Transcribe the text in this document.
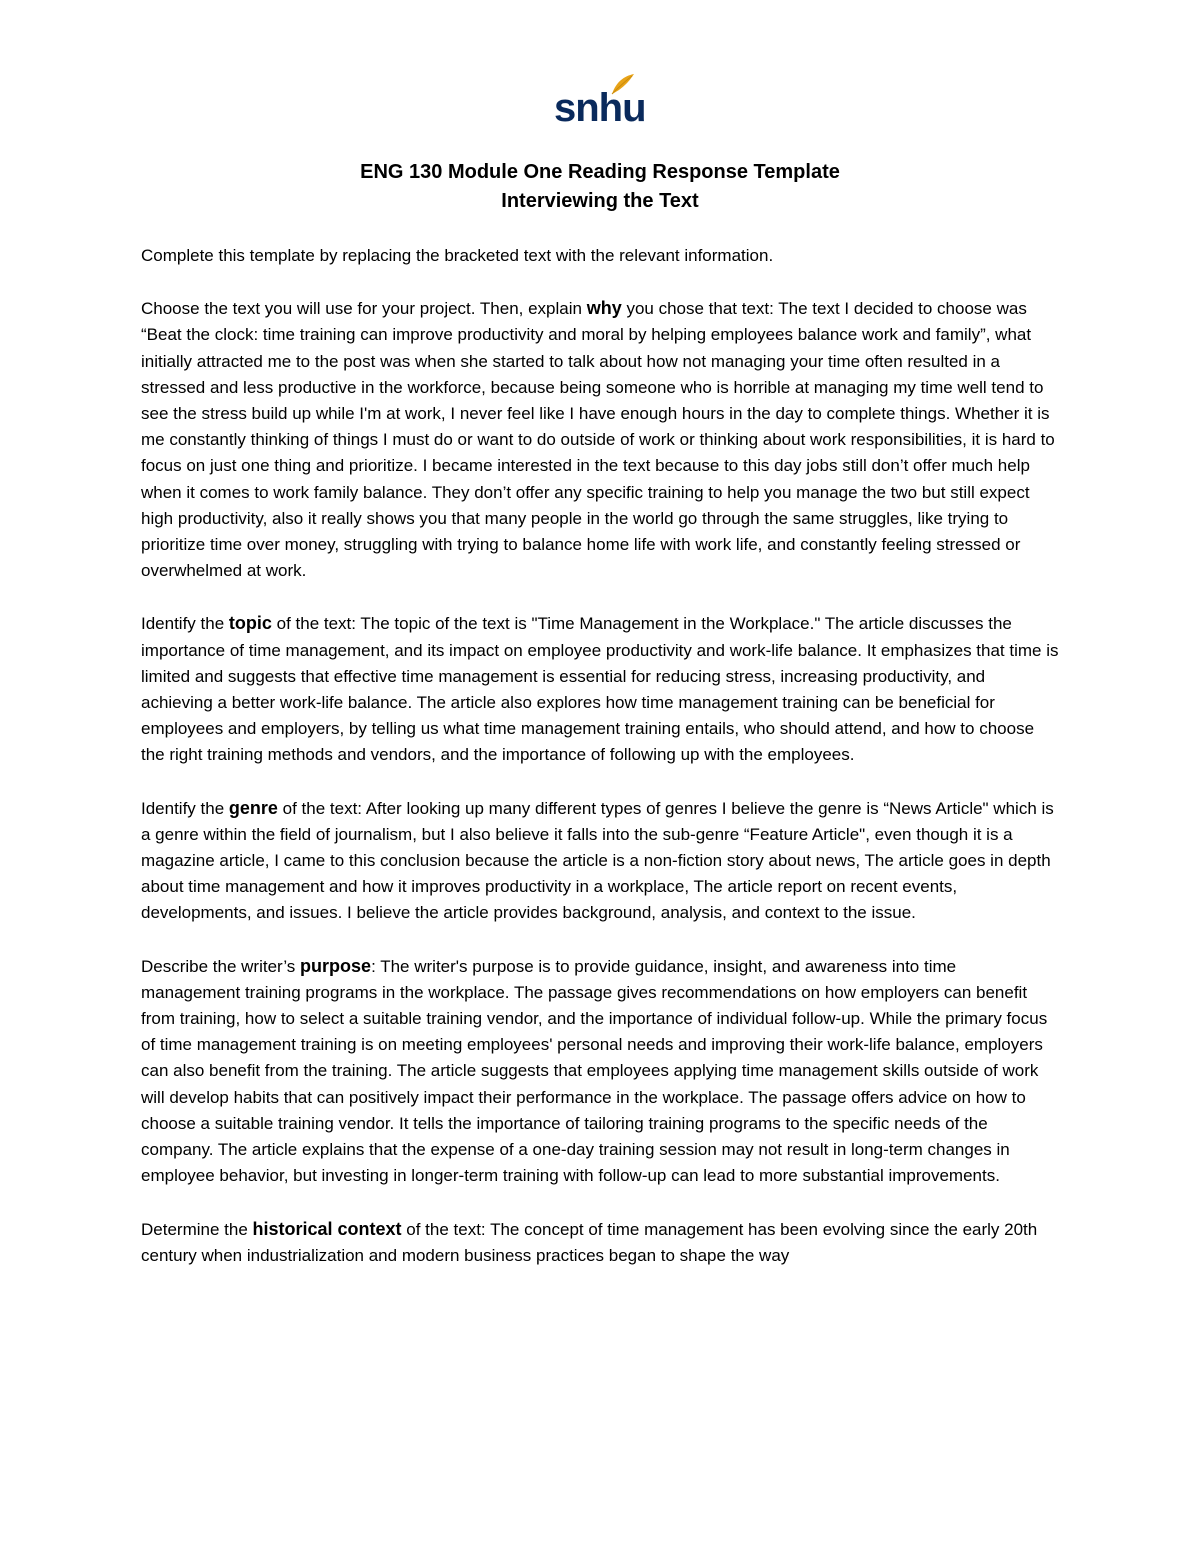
snhu
ENG 130 Module One Reading Response Template
Interviewing the Text

Complete this template by replacing the bracketed text with the relevant information.

Choose the text you will use for your project. Then, explain why you chose that text: The text I decided to choose was “Beat the clock: time training can improve productivity and moral by helping employees balance work and family”, what initially attracted me to the post was when she started to talk about how not managing your time often resulted in a stressed and less productive in the workforce, because being someone who is horrible at managing my time well tend to see the stress build up while I'm at work, I never feel like I have enough hours in the day to complete things. Whether it is me constantly thinking of things I must do or want to do outside of work or thinking about work responsibilities, it is hard to focus on just one thing and prioritize. I became interested in the text because to this day jobs still don’t offer much help when it comes to work family balance. They don’t offer any specific training to help you manage the two but still expect high productivity, also it really shows you that many people in the world go through the same struggles, like trying to prioritize time over money, struggling with trying to balance home life with work life, and constantly feeling stressed or overwhelmed at work.

Identify the topic of the text: The topic of the text is "Time Management in the Workplace." The article discusses the importance of time management, and its impact on employee productivity and work-life balance. It emphasizes that time is limited and suggests that effective time management is essential for reducing stress, increasing productivity, and achieving a better work-life balance. The article also explores how time management training can be beneficial for employees and employers, by telling us what time management training entails, who should attend, and how to choose the right training methods and vendors, and the importance of following up with the employees.

Identify the genre of the text: After looking up many different types of genres I believe the genre is “News Article" which is a genre within the field of journalism, but I also believe it falls into the sub-genre “Feature Article", even though it is a magazine article, I came to this conclusion because the article is a non-fiction story about news, The article goes in depth about time management and how it improves productivity in a workplace, The article report on recent events, developments, and issues. I believe the article provides background, analysis, and context to the issue.

Describe the writer’s purpose: The writer's purpose is to provide guidance, insight, and awareness into time management training programs in the workplace. The passage gives recommendations on how employers can benefit from training, how to select a suitable training vendor, and the importance of individual follow-up. While the primary focus of time management training is on meeting employees' personal needs and improving their work-life balance, employers can also benefit from the training. The article suggests that employees applying time management skills outside of work will develop habits that can positively impact their performance in the workplace. The passage offers advice on how to choose a suitable training vendor. It tells the importance of tailoring training programs to the specific needs of the company. The article explains that the expense of a one-day training session may not result in long-term changes in employee behavior, but investing in longer-term training with follow-up can lead to more substantial improvements.

Determine the historical context of the text: The concept of time management has been evolving since the early 20th century when industrialization and modern business practices began to shape the way
